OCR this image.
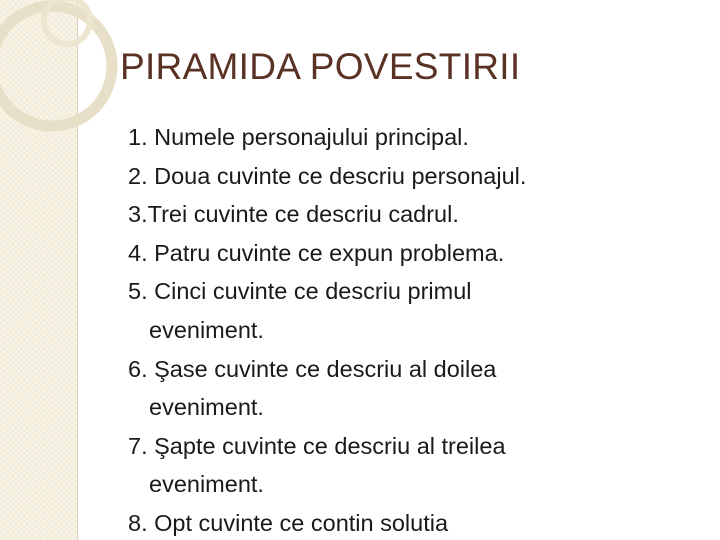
PIRAMIDA POVESTIRII
1. Numele personajului principal.
2. Doua cuvinte ce descriu personajul.
3.Trei cuvinte ce descriu cadrul.
4. Patru cuvinte ce expun problema.
5. Cinci cuvinte ce descriu primul
eveniment.
6. Şase cuvinte ce descriu al doilea
eveniment.
7. Şapte cuvinte ce descriu al treilea
eveniment.
8. Opt cuvinte ce contin solutia
